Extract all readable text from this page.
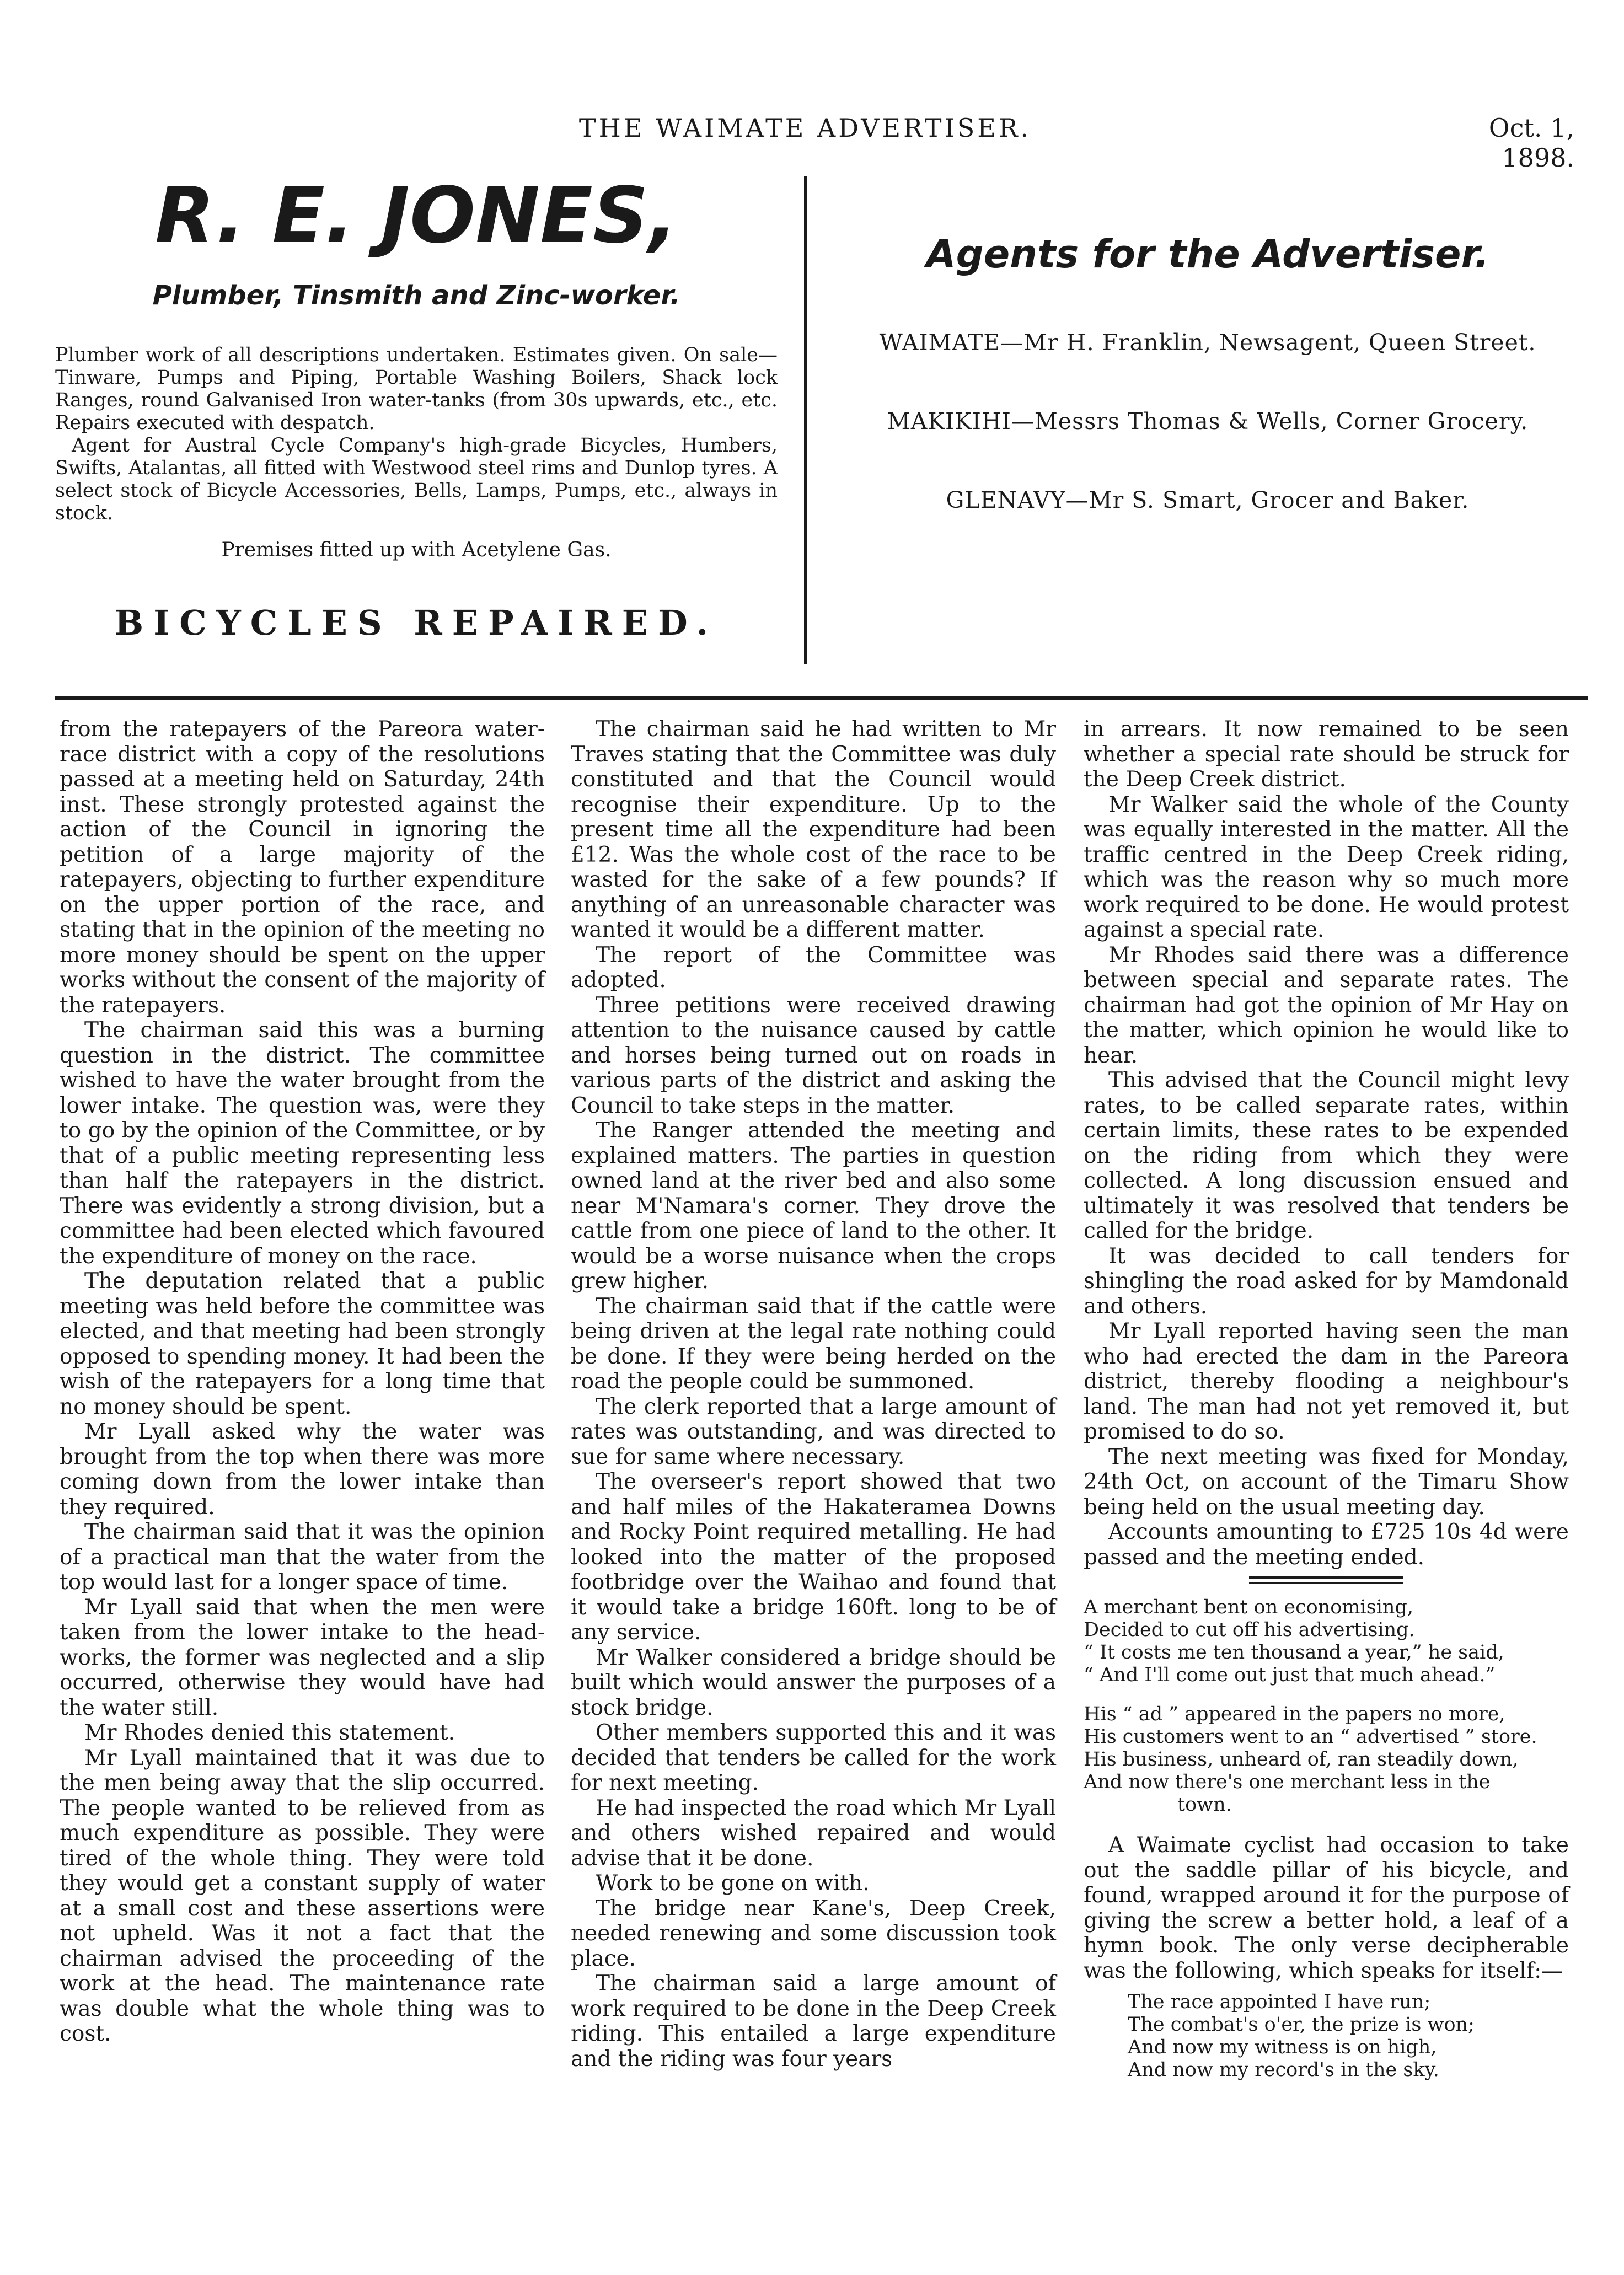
THE WAIMATE ADVERTISER.	Oct. 1, 1898.
R. E. JONES,
Plumber, Tinsmith and Zinc-worker.

Plumber work of all descriptions undertaken. Estimates given. On sale— Tinware, Pumps and Piping, Portable Washing Boilers, Shack lock Ranges, round Galvanised Iron water-tanks (from 30s upwards, etc., etc. Repairs executed with despatch.

Agent for Austral Cycle Company's high-grade Bicycles, Humbers, Swifts, Atalantas, all fitted with Westwood steel rims and Dunlop tyres. A select stock of Bicycle Accessories, Bells, Lamps, Pumps, etc., always in stock.

Premises fitted up with Acetylene Gas.
BICYCLES REPAIRED.
Agents for the Advertiser.
WAIMATE—Mr H. Franklin, Newsagent, Queen Street.
MAKIKIHI—Messrs Thomas & Wells, Corner Grocery.
GLENAVY—Mr S. Smart, Grocer and Baker.

from the ratepayers of the Pareora water-race district with a copy of the resolutions passed at a meeting held on Saturday, 24th inst. These strongly protested against the action of the Council in ignoring the petition of a large majority of the ratepayers, objecting to further expenditure on the upper portion of the race, and stating that in the opinion of the meeting no more money should be spent on the upper works without the consent of the majority of the ratepayers.

The chairman said this was a burning question in the district. The committee wished to have the water brought from the lower intake. The question was, were they to go by the opinion of the Committee, or by that of a public meeting representing less than half the ratepayers in the district. There was evidently a strong division, but a committee had been elected which favoured the expenditure of money on the race.

The deputation related that a public meeting was held before the committee was elected, and that meeting had been strongly opposed to spending money. It had been the wish of the ratepayers for a long time that no money should be spent.

Mr Lyall asked why the water was brought from the top when there was more coming down from the lower intake than they required.

The chairman said that it was the opinion of a practical man that the water from the top would last for a longer space of time.

Mr Lyall said that when the men were taken from the lower intake to the head-works, the former was neglected and a slip occurred, otherwise they would have had the water still.

Mr Rhodes denied this statement.

Mr Lyall maintained that it was due to the men being away that the slip occurred. The people wanted to be relieved from as much expenditure as possible. They were tired of the whole thing. They were told they would get a constant supply of water at a small cost and these assertions were not upheld. Was it not a fact that the chairman advised the proceeding of the work at the head. The maintenance rate was double what the whole thing was to cost.

The chairman said he had written to Mr Traves stating that the Committee was duly constituted and that the Council would recognise their expenditure. Up to the present time all the expenditure had been £12. Was the whole cost of the race to be wasted for the sake of a few pounds? If anything of an unreasonable character was wanted it would be a different matter.

The report of the Committee was adopted.

Three petitions were received drawing attention to the nuisance caused by cattle and horses being turned out on roads in various parts of the district and asking the Council to take steps in the matter.

The Ranger attended the meeting and explained matters. The parties in question owned land at the river bed and also some near M'Namara's corner. They drove the cattle from one piece of land to the other. It would be a worse nuisance when the crops grew higher.

The chairman said that if the cattle were being driven at the legal rate nothing could be done. If they were being herded on the road the people could be summoned.

The clerk reported that a large amount of rates was outstanding, and was directed to sue for same where necessary.

The overseer's report showed that two and half miles of the Hakateramea Downs and Rocky Point required metalling. He had looked into the matter of the proposed footbridge over the Waihao and found that it would take a bridge 160ft. long to be of any service.

Mr Walker considered a bridge should be built which would answer the purposes of a stock bridge.

Other members supported this and it was decided that tenders be called for the work for next meeting.

He had inspected the road which Mr Lyall and others wished repaired and would advise that it be done.

Work to be gone on with.

The bridge near Kane's, Deep Creek, needed renewing and some discussion took place.

The chairman said a large amount of work required to be done in the Deep Creek riding. This entailed a large expenditure and the riding was four years

in arrears. It now remained to be seen whether a special rate should be struck for the Deep Creek district.

Mr Walker said the whole of the County was equally interested in the matter. All the traffic centred in the Deep Creek riding, which was the reason why so much more work required to be done. He would protest against a special rate.

Mr Rhodes said there was a difference between special and separate rates. The chairman had got the opinion of Mr Hay on the matter, which opinion he would like to hear.

This advised that the Council might levy rates, to be called separate rates, within certain limits, these rates to be expended on the riding from which they were collected. A long discussion ensued and ultimately it was resolved that tenders be called for the bridge.

It was decided to call tenders for shingling the road asked for by Mamdonald and others.

Mr Lyall reported having seen the man who had erected the dam in the Pareora district, thereby flooding a neighbour's land. The man had not yet removed it, but promised to do so.

The next meeting was fixed for Monday, 24th Oct, on account of the Timaru Show being held on the usual meeting day.

Accounts amounting to £725 10s 4d were passed and the meeting ended.

A merchant bent on economising,
Decided to cut off his advertising.
“ It costs me ten thousand a year,” he said,
“ And I'll come out just that much ahead.”
His “ ad ” appeared in the papers no more,
His customers went to an “ advertised ” store.
His business, unheard of, ran steadily down,
And now there's one merchant less in the
town.

A Waimate cyclist had occasion to take out the saddle pillar of his bicycle, and found, wrapped around it for the purpose of giving the screw a better hold, a leaf of a hymn book. The only verse decipherable was the following, which speaks for itself:—

The race appointed I have run;
The combat's o'er, the prize is won;
And now my witness is on high,
And now my record's in the sky.
